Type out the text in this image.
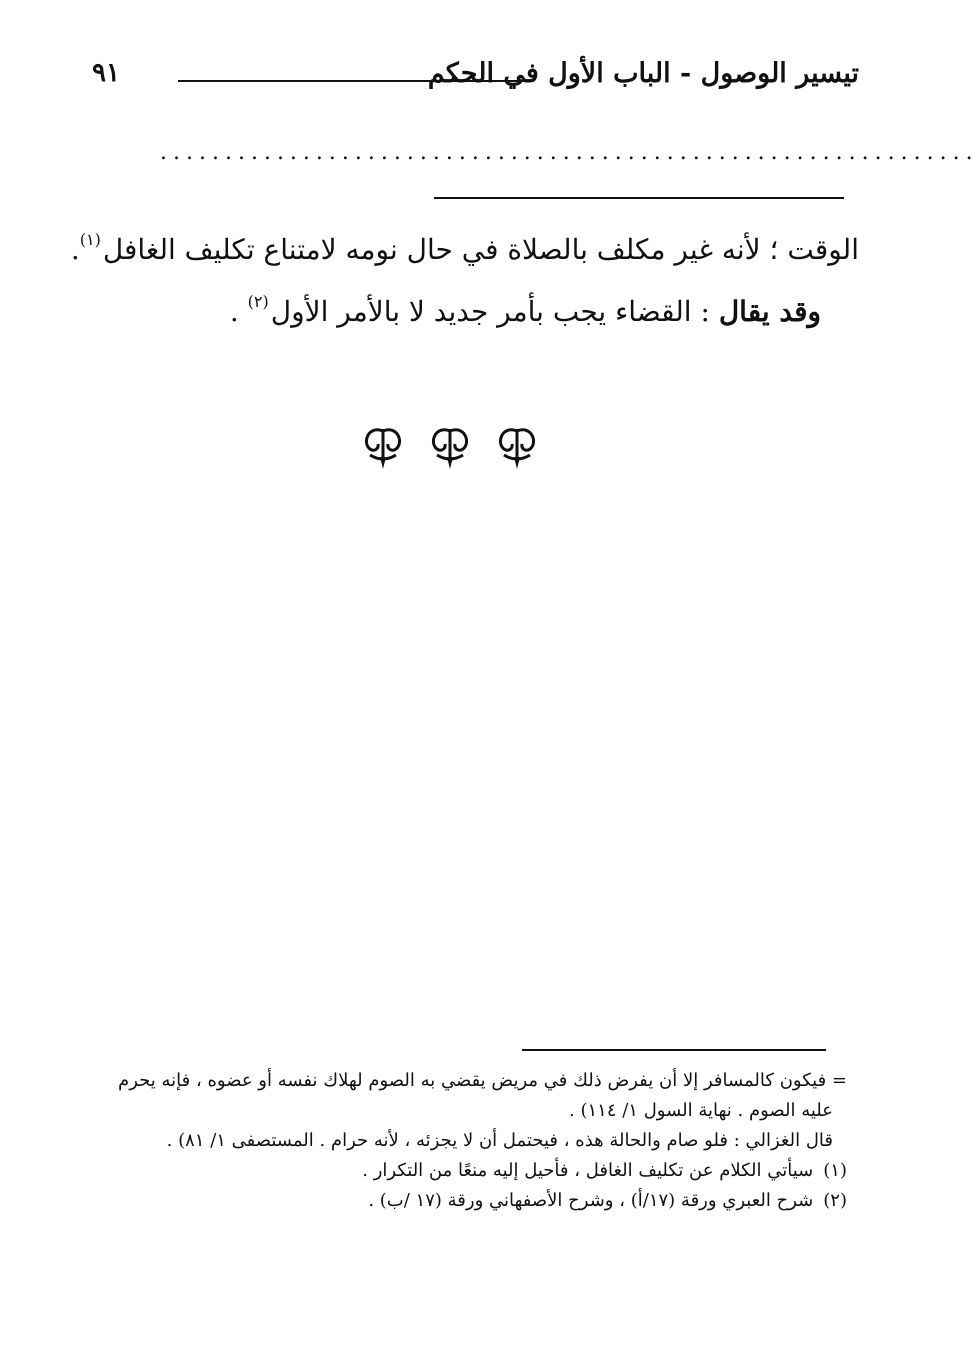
تيسير الوصول - الباب الأول في الحكم
٩١
...............................................................
الوقت ؛ لأنه غير مكلف بالصلاة في حال نومه لامتناع تكليف الغافل$^{(١)}$.
وقد يقال : القضاء يجب بأمر جديد لا بالأمر الأول$^{(٢)}$ .
= فيكون كالمسافر إلا أن يفرض ذلك في مريض يقضي به الصوم لهلاك نفسه أو عضوه ، فإنه يحرم
عليه الصوم . نهاية السول ١/ ١١٤) .
قال الغزالي : فلو صام والحالة هذه ، فيحتمل أن لا يجزئه ، لأنه حرام . المستصفى ١/ ٨١) .
(١)سيأتي الكلام عن تكليف الغافل ، فأحيل إليه منعًا من التكرار .
(٢)شرح العبري ورقة (١٧/أ) ، وشرح الأصفهاني ورقة (١٧ /ب) .
